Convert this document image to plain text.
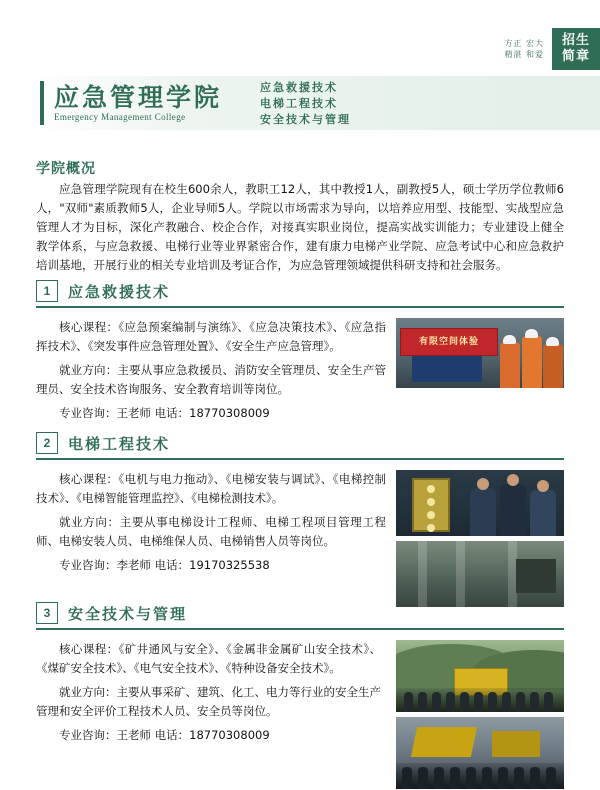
方正 宏大
精湛 和爱
招生
简章
应急管理学院
Emergency Management College
应急救援技术
电梯工程技术
安全技术与管理
学院概况
应急管理学院现有在校生600余人，教职工12人，其中教授1人，副教授5人，硕士学历学位教师6人，"双师"素质教师5人，企业导师5人。学院以市场需求为导向，以培养应用型、技能型、实战型应急管理人才为目标，深化产教融合、校企合作，对接真实职业岗位，提高实战实训能力；专业建设上健全教学体系，与应急救援、电梯行业等业界紧密合作，建有康力电梯产业学院、应急考试中心和应急救护培训基地，开展行业的相关专业培训及考证合作，为应急管理领域提供科研支持和社会服务。
1	应急救援技术
核心课程：《应急预案编制与演练》、《应急决策技术》、《应急指挥技术》、《突发事件应急管理处置》、《安全生产应急管理》。
就业方向：主要从事应急救援员、消防安全管理员、安全生产管理员、安全技术咨询服务、安全教育培训等岗位。
专业咨询：王老师 电话：18770308009
有限空间体验
2	电梯工程技术
核心课程：《电机与电力拖动》、《电梯安装与调试》、《电梯控制技术》、《电梯智能管理监控》、《电梯检测技术》。
就业方向：主要从事电梯设计工程师、电梯工程项目管理工程师、电梯安装人员、电梯维保人员、电梯销售人员等岗位。
专业咨询：李老师 电话：19170325538
3	安全技术与管理
核心课程：《矿井通风与安全》、《金属非金属矿山安全技术》、《煤矿安全技术》、《电气安全技术》、《特种设备安全技术》。
就业方向：主要从事采矿、建筑、化工、电力等行业的安全生产管理和安全评价工程技术人员、安全员等岗位。
专业咨询：王老师 电话：18770308009
